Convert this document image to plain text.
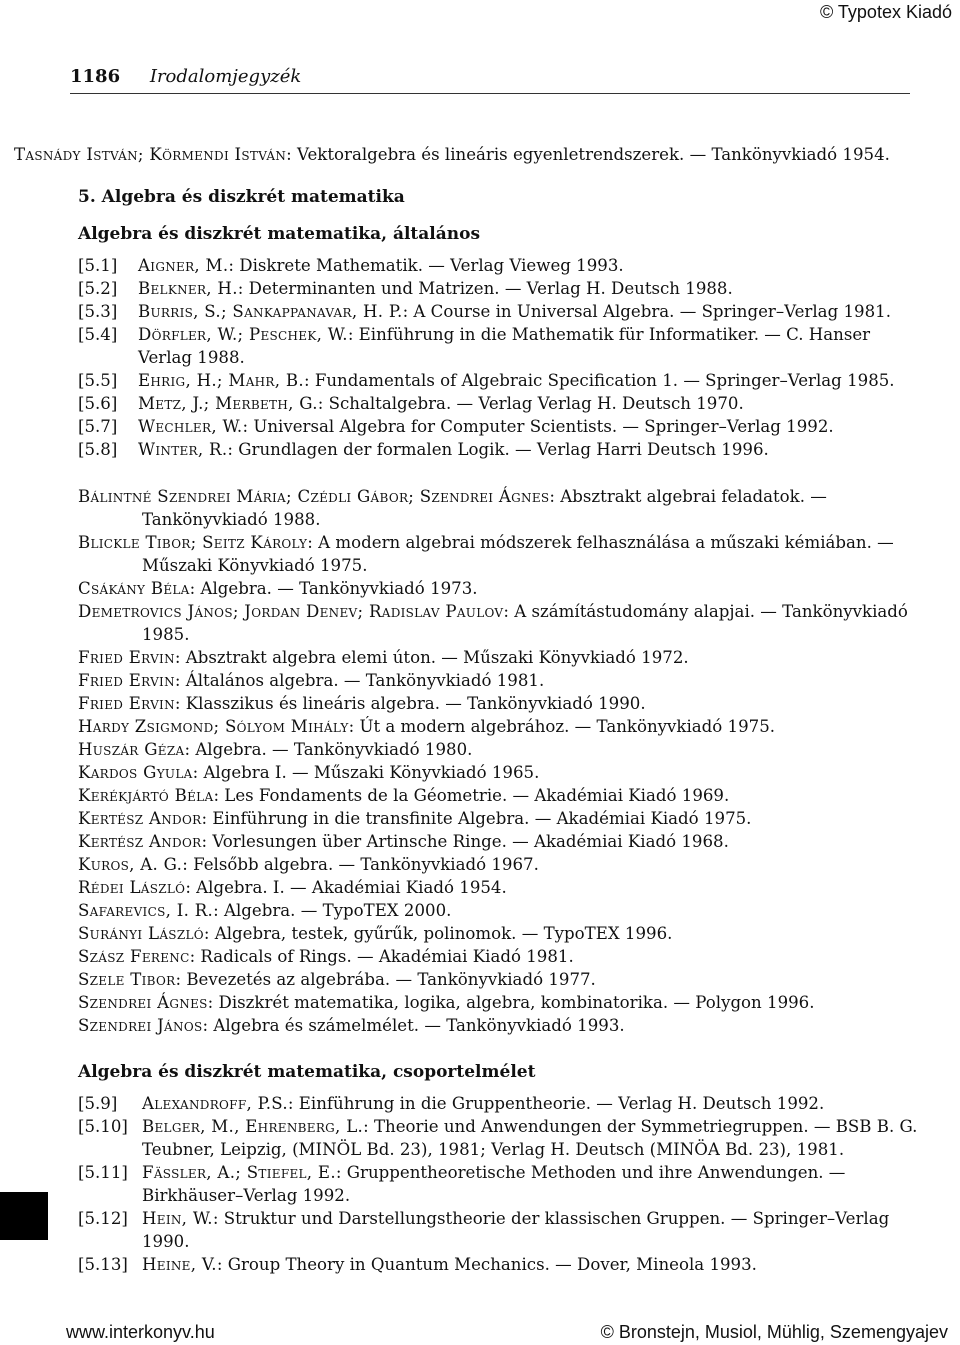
© Typotex Kiadó
1186 Irodalomjegyzék

Tasnády István; Körmendi István: Vektoralgebra és lineáris egyenletrendszerek. — Tankönyvkiadó 1954.

5. Algebra és diszkrét matematika

Algebra és diszkrét matematika, általános

[5.1] Aigner, M.: Diskrete Mathematik. — Verlag Vieweg 1993.

[5.2] Belkner, H.: Determinanten und Matrizen. — Verlag H. Deutsch 1988.

[5.3] Burris, S.; Sankappanavar, H. P.: A Course in Universal Algebra. — Springer–Verlag 1981.

[5.4] Dörfler, W.; Peschek, W.: Einführung in die Mathematik für Informatiker. — C. Hanser Verlag 1988.

[5.5] Ehrig, H.; Mahr, B.: Fundamentals of Algebraic Specification 1. — Springer–Verlag 1985.

[5.6] Metz, J.; Merbeth, G.: Schaltalgebra. — Verlag Verlag H. Deutsch 1970.

[5.7] Wechler, W.: Universal Algebra for Computer Scientists. — Springer–Verlag 1992.

[5.8] Winter, R.: Grundlagen der formalen Logik. — Verlag Harri Deutsch 1996.

Bálintné Szendrei Mária; Czédli Gábor; Szendrei Ágnes: Absztrakt algebrai feladatok. — Tankönyvkiadó 1988.

Blickle Tibor; Seitz Károly: A modern algebrai módszerek felhasználása a műszaki kémiában. — Műszaki Könyvkiadó 1975.

Csákány Béla: Algebra. — Tankönyvkiadó 1973.

Demetrovics János; Jordan Denev; Radislav Paulov: A számítástudomány alapjai. — Tankönyvkiadó 1985.

Fried Ervin: Absztrakt algebra elemi úton. — Műszaki Könyvkiadó 1972.

Fried Ervin: Általános algebra. — Tankönyvkiadó 1981.

Fried Ervin: Klasszikus és lineáris algebra. — Tankönyvkiadó 1990.

Hardy Zsigmond; Sólyom Mihály: Út a modern algebrához. — Tankönyvkiadó 1975.

Huszár Géza: Algebra. — Tankönyvkiadó 1980.

Kardos Gyula: Algebra I. — Műszaki Könyvkiadó 1965.

Kerékjártó Béla: Les Fondaments de la Géometrie. — Akadémiai Kiadó 1969.

Kertész Andor: Einführung in die transfinite Algebra. — Akadémiai Kiadó 1975.

Kertész Andor: Vorlesungen über Artinsche Ringe. — Akadémiai Kiadó 1968.

Kuros, A. G.: Felsőbb algebra. — Tankönyvkiadó 1967.

Rédei László: Algebra. I. — Akadémiai Kiadó 1954.

Safarevics, I. R.: Algebra. — TypoTEX 2000.

Surányi László: Algebra, testek, gyűrűk, polinomok. — TypoTEX 1996.

Szász Ferenc: Radicals of Rings. — Akadémiai Kiadó 1981.

Szele Tibor: Bevezetés az algebrába. — Tankönyvkiadó 1977.

Szendrei Ágnes: Diszkrét matematika, logika, algebra, kombinatorika. — Polygon 1996.

Szendrei János: Algebra és számelmélet. — Tankönyvkiadó 1993.

Algebra és diszkrét matematika, csoportelmélet

[5.9] Alexandroff, P.S.: Einführung in die Gruppentheorie. — Verlag H. Deutsch 1992.

[5.10] Belger, M., Ehrenberg, L.: Theorie und Anwendungen der Symmetriegruppen. — BSB B. G. Teubner, Leipzig, (MINÖL Bd. 23), 1981; Verlag H. Deutsch (MINÖA Bd. 23), 1981.

[5.11] Fässler, A.; Stiefel, E.: Gruppentheoretische Methoden und ihre Anwendungen. — Birkhäuser–Verlag 1992.

[5.12] Hein, W.: Struktur und Darstellungstheorie der klassischen Gruppen. — Springer–Verlag 1990.

[5.13] Heine, V.: Group Theory in Quantum Mechanics. — Dover, Mineola 1993.

www.interkonyv.hu	© Bronstejn, Musiol, Mühlig, Szemengyajev
